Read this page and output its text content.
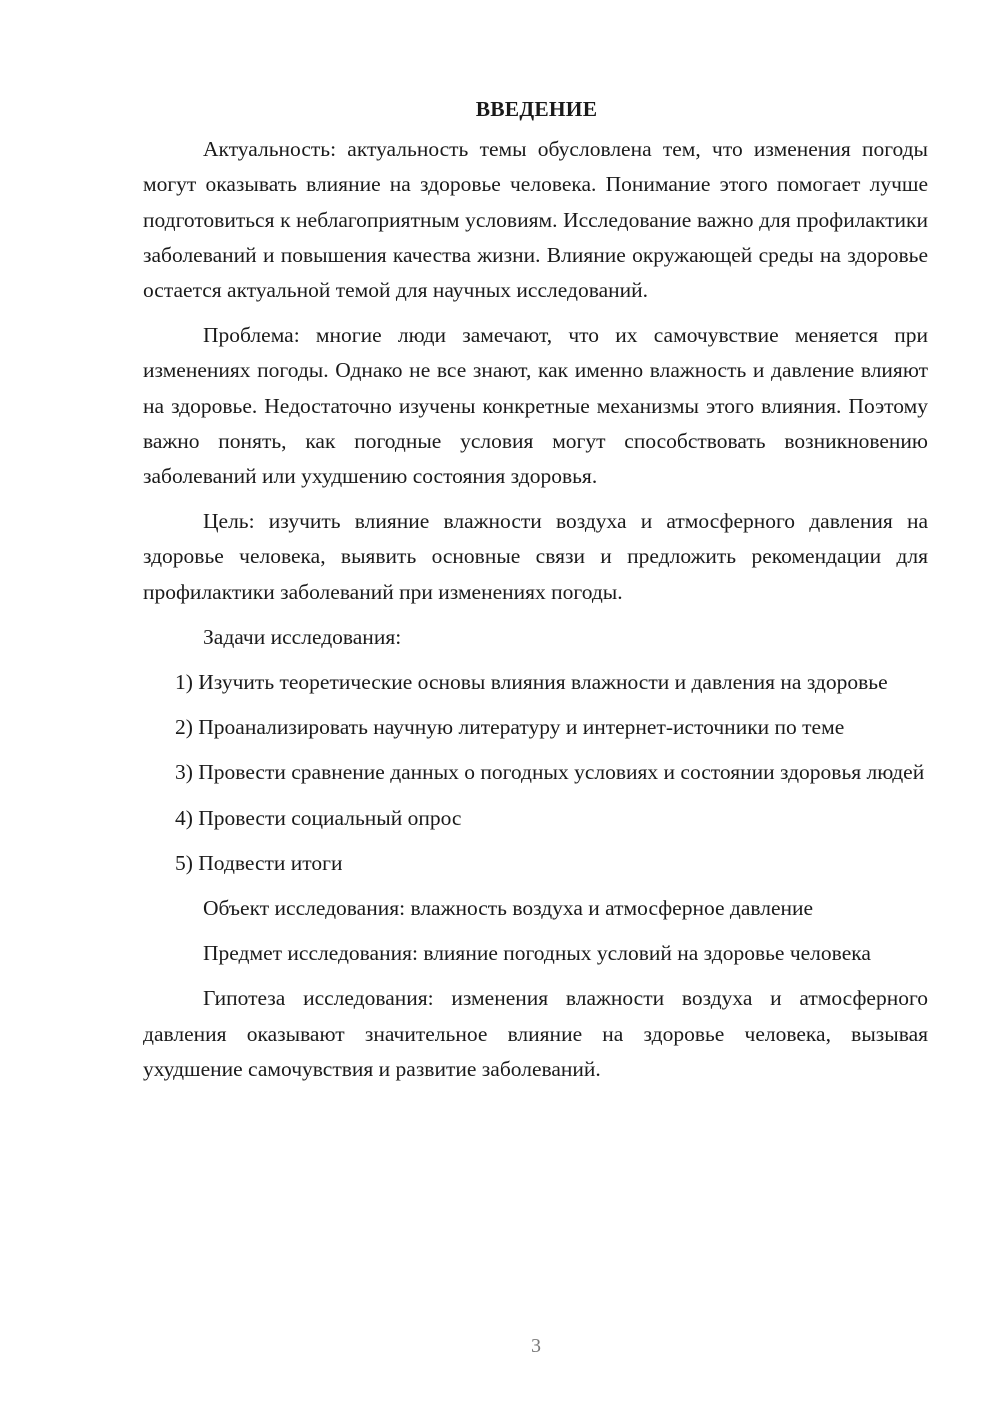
ВВЕДЕНИЕ

Актуальность: актуальность темы обусловлена тем, что изменения погоды могут оказывать влияние на здоровье человека. Понимание этого помогает лучше подготовиться к неблагоприятным условиям. Исследование важно для профилактики заболеваний и повышения качества жизни. Влияние окружающей среды на здоровье остается актуальной темой для научных исследований.

Проблема: многие люди замечают, что их самочувствие меняется при изменениях погоды. Однако не все знают, как именно влажность и давление влияют на здоровье. Недостаточно изучены конкретные механизмы этого влияния. Поэтому важно понять, как погодные условия могут способствовать возникновению заболеваний или ухудшению состояния здоровья.

Цель: изучить влияние влажности воздуха и атмосферного давления на здоровье человека, выявить основные связи и предложить рекомендации для профилактики заболеваний при изменениях погоды.

Задачи исследования:

1) Изучить теоретические основы влияния влажности и давления на здоровье
2) Проанализировать научную литературу и интернет-источники по теме
3) Провести сравнение данных о погодных условиях и состоянии здоровья людей
4) Провести социальный опрос
5) Подвести итоги

Объект исследования: влажность воздуха и атмосферное давление

Предмет исследования: влияние погодных условий на здоровье человека

Гипотеза исследования: изменения влажности воздуха и атмосферного давления оказывают значительное влияние на здоровье человека, вызывая ухудшение самочувствия и развитие заболеваний.

3
